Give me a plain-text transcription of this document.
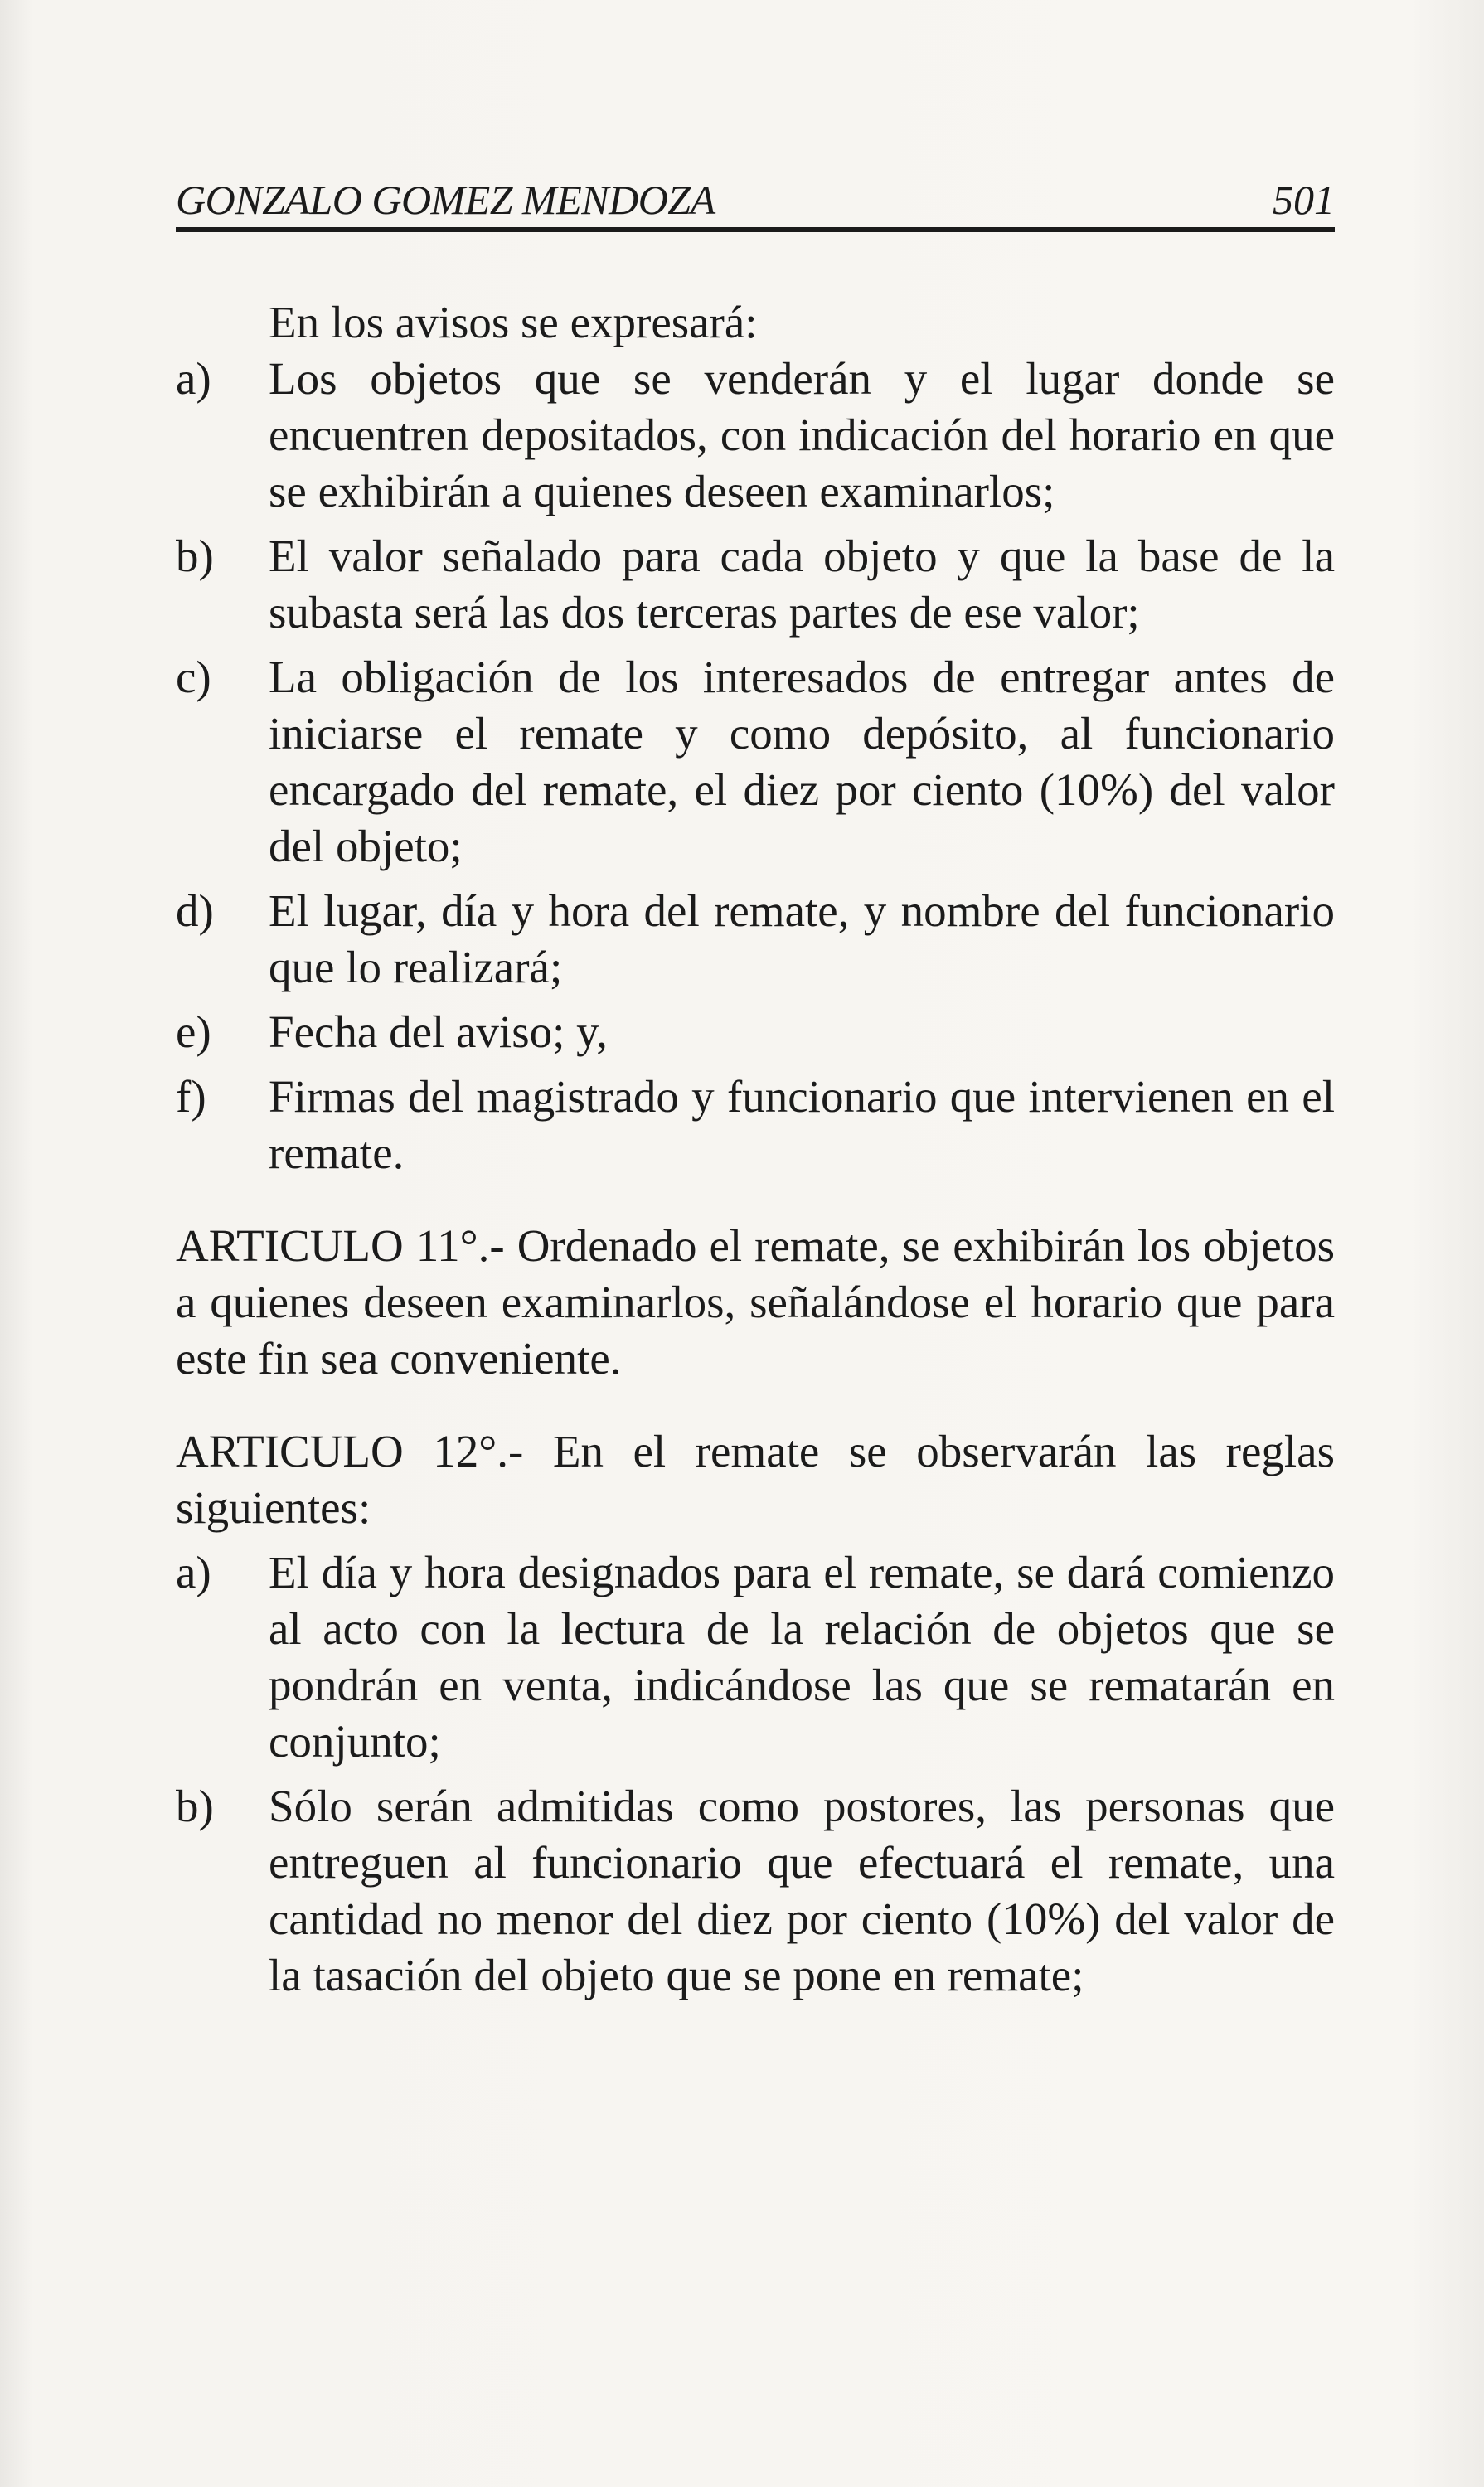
GONZALO GOMEZ MENDOZA	501

En los avisos se expresará:

a)	Los objetos que se venderán y el lugar donde se encuentren depositados, con indicación del horario en que se exhibirán a quienes deseen examinarlos;
b)	El valor señalado para cada objeto y que la base de la subasta será las dos terceras partes de ese valor;
c)	La obligación de los interesados de entregar antes de iniciarse el remate y como depósito, al funcionario encargado del remate, el diez por ciento (10%) del valor del objeto;
d)	El lugar, día y hora del remate, y nombre del funcionario que lo realizará;
e)	Fecha del aviso; y,
f)	Firmas del magistrado y funcionario que intervienen en el remate.

ARTICULO 11°.- Ordenado el remate, se exhibirán los objetos a quienes deseen examinarlos, señalándose el horario que para este fin sea conveniente.

ARTICULO 12°.- En el remate se observarán las reglas siguientes:

a)	El día y hora designados para el remate, se dará comienzo al acto con la lectura de la relación de objetos que se pondrán en venta, indicándose las que se rematarán en conjunto;
b)	Sólo serán admitidas como postores, las personas que entreguen al funcionario que efectuará el remate, una cantidad no menor del diez por ciento (10%) del valor de la tasación del objeto que se pone en remate;
